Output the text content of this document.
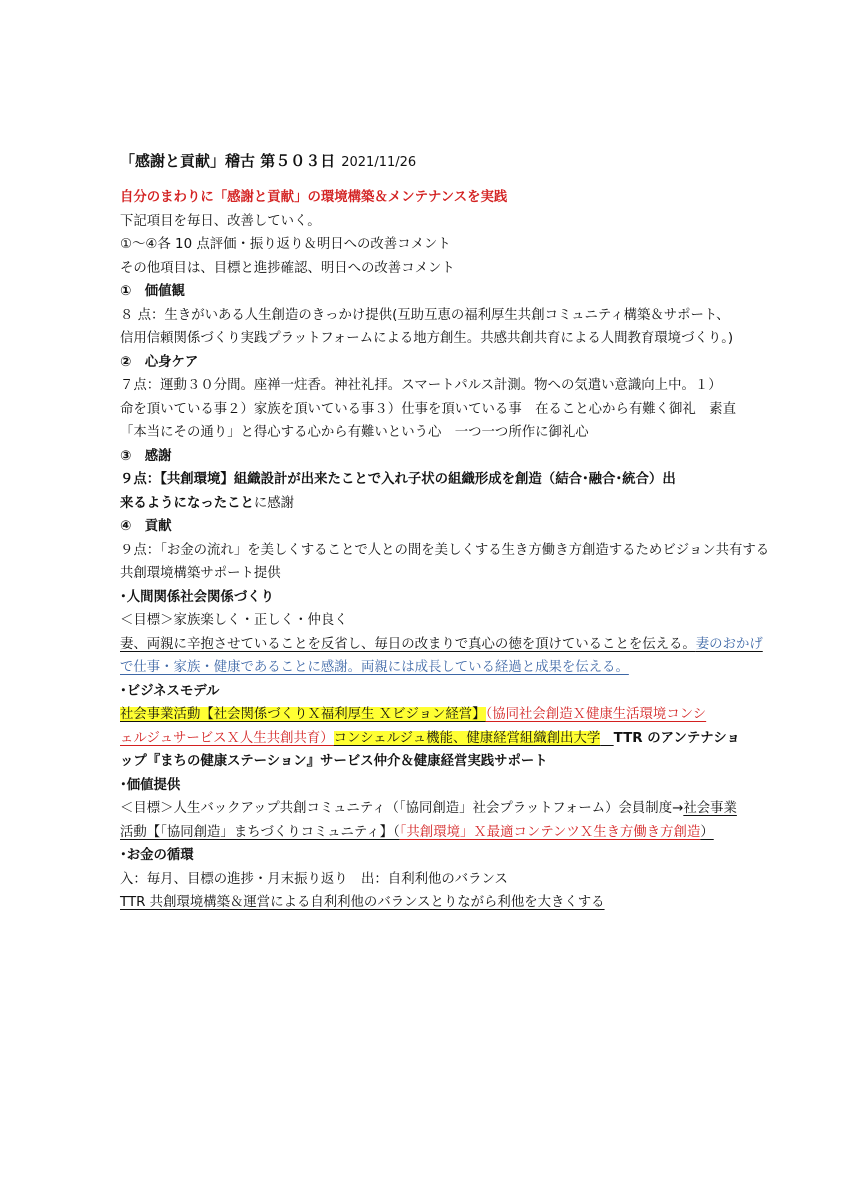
「感謝と貢献」稽古 第５０３日 2021/11/26
自分のまわりに「感謝と貢献」の環境構築＆メンテナンスを実践
下記項目を毎日、改善していく。
①～④各 10 点評価・振り返り＆明日への改善コメント
その他項目は、目標と進捗確認、明日への改善コメント
①　価値観
８ 点：生きがいある人生創造のきっかけ提供(互助互恵の福利厚生共創コミュニティ構築＆サポート、
信用信頼関係づくり実践プラットフォームによる地方創生。共感共創共育による人間教育環境づくり。)
②　心身ケア
７点：運動３０分間。座禅一炷香。神社礼拝。スマートパルス計測。物への気遣い意識向上中。１）
命を頂いている事２）家族を頂いている事３）仕事を頂いている事　在ること心から有難く御礼　素直
「本当にその通り」と得心する心から有難いという心　一つ一つ所作に御礼心
③　感謝
９点：【共創環境】組織設計が出来たことで入れ子状の組織形成を創造（結合･融合･統合）出
来るようになったことに感謝
④　貢献
９点：「お金の流れ」を美しくすることで人との間を美しくする生き方働き方創造するためビジョン共有する
共創環境構築サポート提供
･人間関係社会関係づくり
＜目標＞家族楽しく・正しく・仲良く
妻、両親に辛抱させていることを反省し、毎日の改まりで真心の徳を頂けていることを伝える。妻のおかげ
で仕事・家族・健康であることに感謝。両親には成長している経過と成果を伝える。
･ビジネスモデル
社会事業活動【社会関係づくりＸ福利厚生 Ｘビジョン経営】（協同社会創造Ｘ健康生活環境コンシ
ェルジュサービスＸ人生共創共育）コンシェルジュ機能、健康経営組織創出大学　 TTR のアンテナショ
ップ『まちの健康ステーション』サービス仲介＆健康経営実践サポート
･価値提供
＜目標＞人生バックアップ共創コミュニティ（「協同創造」社会プラットフォーム）会員制度→社会事業
活動【「協同創造」まちづくりコミュニティ】（「共創環境」Ｘ最適コンテンツＸ生き方働き方創造）
･お金の循環
入：毎月、目標の進捗・月末振り返り　出：自利利他のバランス
TTR 共創環境構築＆運営による自利利他のバランスとりながら利他を大きくする
